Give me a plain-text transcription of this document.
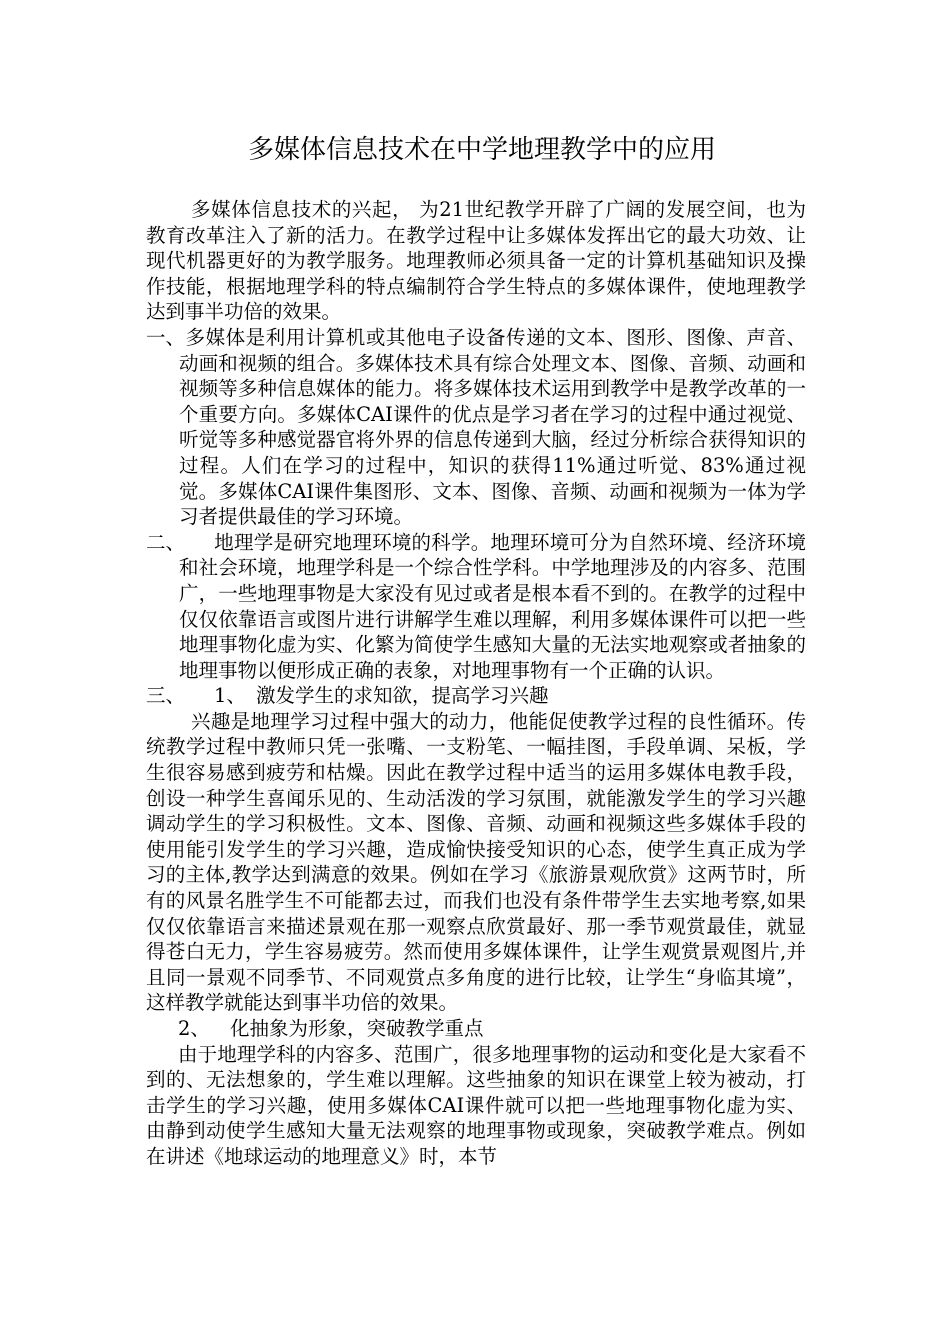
多媒体信息技术在中学地理教学中的应用

多媒体信息技术的兴起， 为21世纪教学开辟了广阔的发展空间，也为教育改革注入了新的活力。在教学过程中让多媒体发挥出它的最大功效、让现代机器更好的为教学服务。地理教师必须具备一定的计算机基础知识及操作技能，根据地理学科的特点编制符合学生特点的多媒体课件，使地理教学达到事半功倍的效果。

一、多媒体是利用计算机或其他电子设备传递的文本、图形、图像、声音、动画和视频的组合。多媒体技术具有综合处理文本、图像、音频、动画和视频等多种信息媒体的能力。将多媒体技术运用到教学中是教学改革的一个重要方向。多媒体CAI课件的优点是学习者在学习的过程中通过视觉、听觉等多种感觉器官将外界的信息传递到大脑，经过分析综合获得知识的过程。人们在学习的过程中，知识的获得11%通过听觉、83%通过视觉。多媒体CAI课件集图形、文本、图像、音频、动画和视频为一体为学习者提供最佳的学习环境。

二、 地理学是研究地理环境的科学。地理环境可分为自然环境、经济环境和社会环境，地理学科是一个综合性学科。中学地理涉及的内容多、范围广，一些地理事物是大家没有见过或者是根本看不到的。在教学的过程中仅仅依靠语言或图片进行讲解学生难以理解，利用多媒体课件可以把一些地理事物化虚为实、化繁为简使学生感知大量的无法实地观察或者抽象的地理事物以便形成正确的表象，对地理事物有一个正确的认识。

三、 1、 激发学生的求知欲，提高学习兴趣

兴趣是地理学习过程中强大的动力，他能促使教学过程的良性循环。传统教学过程中教师只凭一张嘴、一支粉笔、一幅挂图，手段单调、呆板，学生很容易感到疲劳和枯燥。因此在教学过程中适当的运用多媒体电教手段，创设一种学生喜闻乐见的、生动活泼的学习氛围，就能激发学生的学习兴趣调动学生的学习积极性。文本、图像、音频、动画和视频这些多媒体手段的使用能引发学生的学习兴趣，造成愉快接受知识的心态，使学生真正成为学习的主体,教学达到满意的效果。例如在学习《旅游景观欣赏》这两节时，所有的风景名胜学生不可能都去过，而我们也没有条件带学生去实地考察,如果仅仅依靠语言来描述景观在那一观察点欣赏最好、那一季节观赏最佳，就显得苍白无力，学生容易疲劳。然而使用多媒体课件，让学生观赏景观图片,并且同一景观不同季节、不同观赏点多角度的进行比较，让学生“身临其境”，这样教学就能达到事半功倍的效果。

2、 化抽象为形象，突破教学重点

由于地理学科的内容多、范围广，很多地理事物的运动和变化是大家看不到的、无法想象的，学生难以理解。这些抽象的知识在课堂上较为被动，打击学生的学习兴趣，使用多媒体CAI课件就可以把一些地理事物化虚为实、由静到动使学生感知大量无法观察的地理事物或现象，突破教学难点。例如在讲述《地球运动的地理意义》时，本节
